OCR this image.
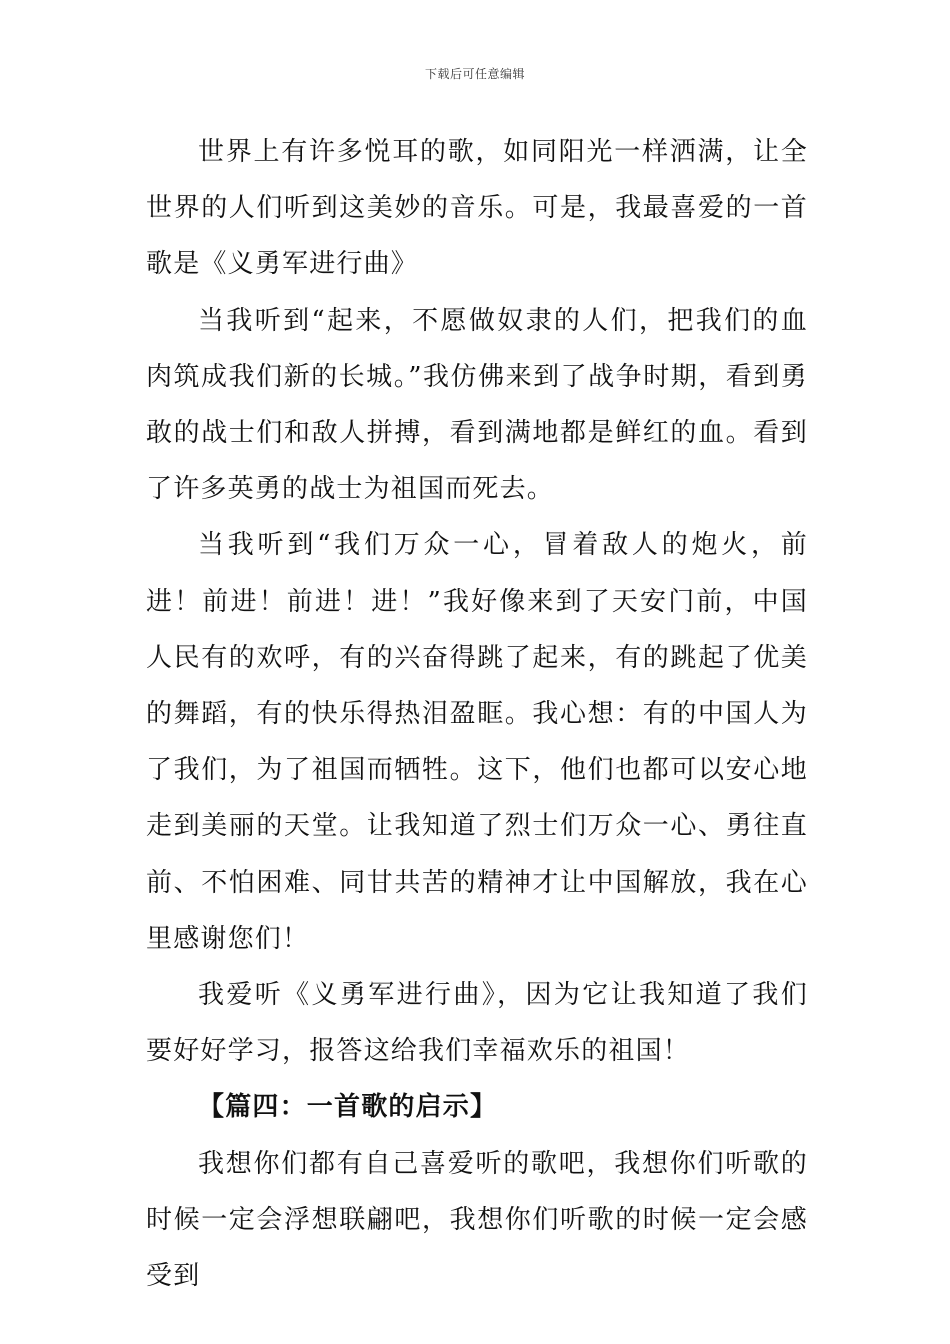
下载后可任意编辑

世界上有许多悦耳的歌，如同阳光一样洒满，让全世界的人们听到这美妙的音乐。可是，我最喜爱的一首歌是《义勇军进行曲》

当我听到“起来，不愿做奴隶的人们，把我们的血肉筑成我们新的长城。”我仿佛来到了战争时期，看到勇敢的战士们和敌人拼搏，看到满地都是鲜红的血。看到了许多英勇的战士为祖国而死去。

当我听到“我们万众一心，冒着敌人的炮火，前进！前进！前进！进！”我好像来到了天安门前，中国人民有的欢呼，有的兴奋得跳了起来，有的跳起了优美的舞蹈，有的快乐得热泪盈眶。我心想：有的中国人为了我们，为了祖国而牺牲。这下，他们也都可以安心地走到美丽的天堂。让我知道了烈士们万众一心、勇往直前、不怕困难、同甘共苦的精神才让中国解放，我在心里感谢您们！

我爱听《义勇军进行曲》，因为它让我知道了我们要好好学习，报答这给我们幸福欢乐的祖国！

【篇四：一首歌的启示】

我想你们都有自己喜爱听的歌吧，我想你们听歌的时候一定会浮想联翩吧，我想你们听歌的时候一定会感受到
